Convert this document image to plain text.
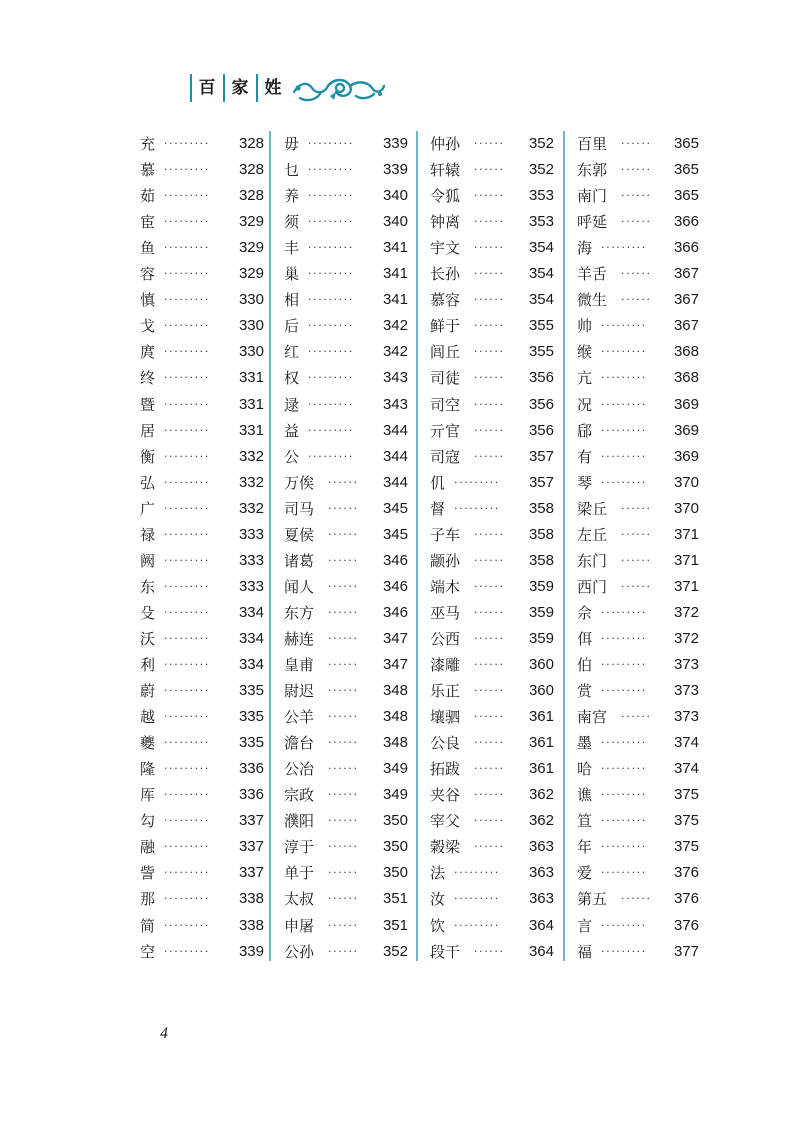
百 家 姓
充 ········· 328
慕 ········· 328
茹 ········· 328
宦 ········· 329
鱼 ········· 329
容 ········· 329
慎 ········· 330
戈 ········· 330
庹 ········· 330
终 ········· 331
暨 ········· 331
居 ········· 331
衡 ········· 332
弘 ········· 332
广 ········· 332
禄 ········· 333
阙 ········· 333
东 ········· 333
殳 ········· 334
沃 ········· 334
利 ········· 334
蔚 ········· 335
越 ········· 335
夔 ········· 335
隆 ········· 336
厍 ········· 336
勾 ········· 337
融 ········· 337
訾 ········· 337
那 ········· 338
简 ········· 338
空 ········· 339
毋 ········· 339
乜 ········· 339
养 ········· 340
须 ········· 340
丰 ········· 341
巢 ········· 341
相 ········· 341
后 ········· 342
红 ········· 342
权 ········· 343
逯 ········· 343
益 ········· 344
公 ········· 344
万俟 ······ 344
司马 ······ 345
夏侯 ······ 345
诸葛 ······ 346
闻人 ······ 346
东方 ······ 346
赫连 ······ 347
皇甫 ······ 347
尉迟 ······ 348
公羊 ······ 348
澹台 ······ 348
公冶 ······ 349
宗政 ······ 349
濮阳 ······ 350
淳于 ······ 350
单于 ······ 350
太叔 ······ 351
申屠 ······ 351
公孙 ······ 352
仲孙 ······ 352
轩辕 ······ 352
令狐 ······ 353
钟离 ······ 353
宇文 ······ 354
长孙 ······ 354
慕容 ······ 354
鲜于 ······ 355
闾丘 ······ 355
司徒 ······ 356
司空 ······ 356
亓官 ······ 356
司寇 ······ 357
仉 ········· 357
督 ········· 358
子车 ······ 358
颛孙 ······ 358
端木 ······ 359
巫马 ······ 359
公西 ······ 359
漆雕 ······ 360
乐正 ······ 360
壤驷 ······ 361
公良 ······ 361
拓跋 ······ 361
夹谷 ······ 362
宰父 ······ 362
榖梁 ······ 363
法 ········· 363
汝 ········· 363
饮 ········· 364
段干 ······ 364
百里 ······ 365
东郭 ······ 365
南门 ······ 365
呼延 ······ 366
海 ········· 366
羊舌 ······ 367
微生 ······ 367
帅 ········· 367
缑 ········· 368
亢 ········· 368
况 ········· 369
郈 ········· 369
有 ········· 369
琴 ········· 370
梁丘 ······ 370
左丘 ······ 371
东门 ······ 371
西门 ······ 371
佘 ········· 372
佴 ········· 372
伯 ········· 373
赏 ········· 373
南宫 ······ 373
墨 ········· 374
哈 ········· 374
谯 ········· 375
笪 ········· 375
年 ········· 375
爱 ········· 376
第五 ······ 376
言 ········· 376
福 ········· 377
4
